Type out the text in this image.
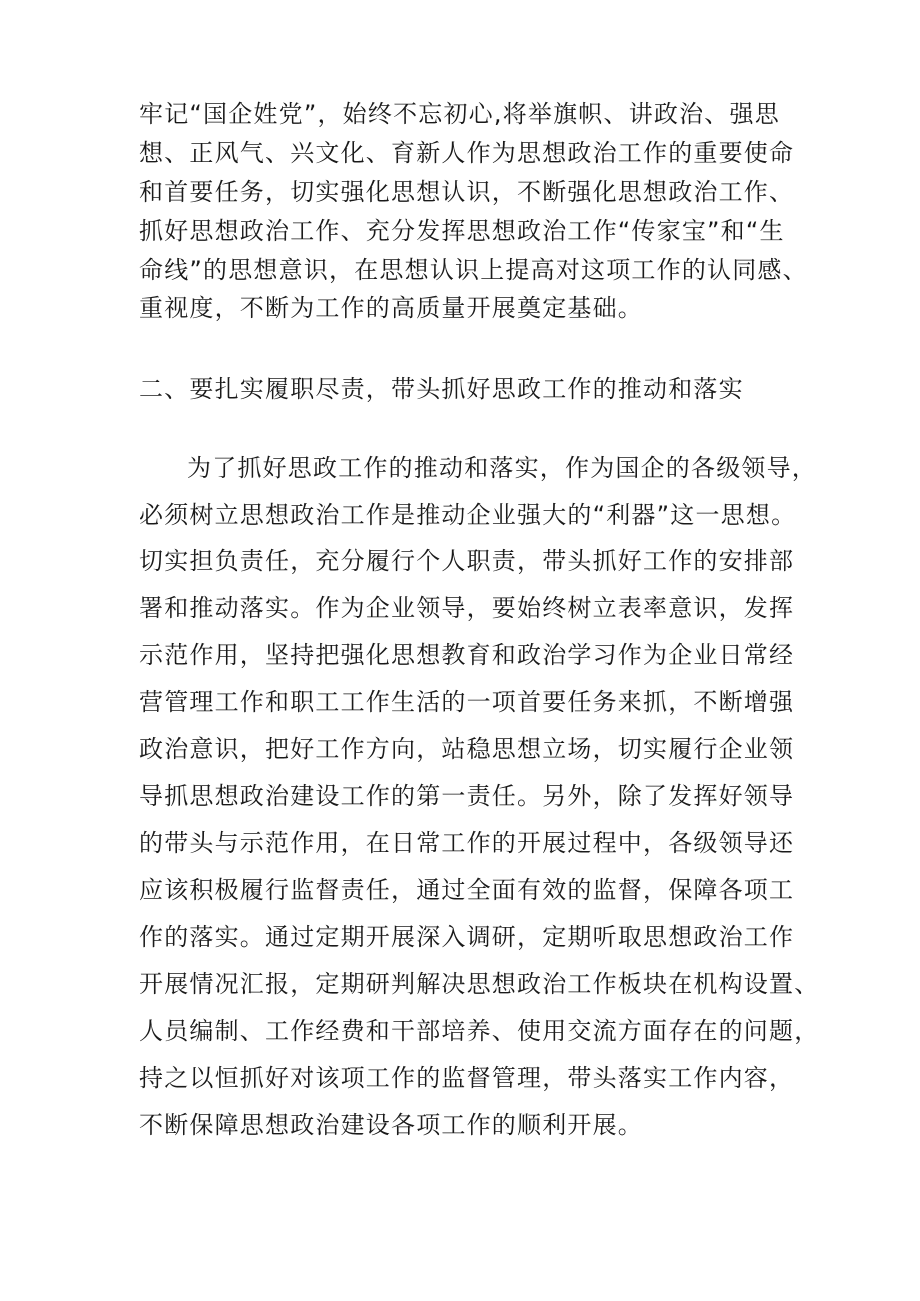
牢记“国企姓党”，始终不忘初心,将举旗帜、讲政治、强思
想、正风气、兴文化、育新人作为思想政治工作的重要使命
和首要任务，切实强化思想认识，不断强化思想政治工作、
抓好思想政治工作、充分发挥思想政治工作“传家宝”和“生
命线”的思想意识，在思想认识上提高对这项工作的认同感、
重视度，不断为工作的高质量开展奠定基础。
二、要扎实履职尽责，带头抓好思政工作的推动和落实
为了抓好思政工作的推动和落实，作为国企的各级领导，
必须树立思想政治工作是推动企业强大的“利器”这一思想。
切实担负责任，充分履行个人职责，带头抓好工作的安排部
署和推动落实。作为企业领导，要始终树立表率意识，发挥
示范作用，坚持把强化思想教育和政治学习作为企业日常经
营管理工作和职工工作生活的一项首要任务来抓，不断增强
政治意识，把好工作方向，站稳思想立场，切实履行企业领
导抓思想政治建设工作的第一责任。另外，除了发挥好领导
的带头与示范作用，在日常工作的开展过程中，各级领导还
应该积极履行监督责任，通过全面有效的监督，保障各项工
作的落实。通过定期开展深入调研，定期听取思想政治工作
开展情况汇报，定期研判解决思想政治工作板块在机构设置、
人员编制、工作经费和干部培养、使用交流方面存在的问题，
持之以恒抓好对该项工作的监督管理，带头落实工作内容，
不断保障思想政治建设各项工作的顺利开展。
